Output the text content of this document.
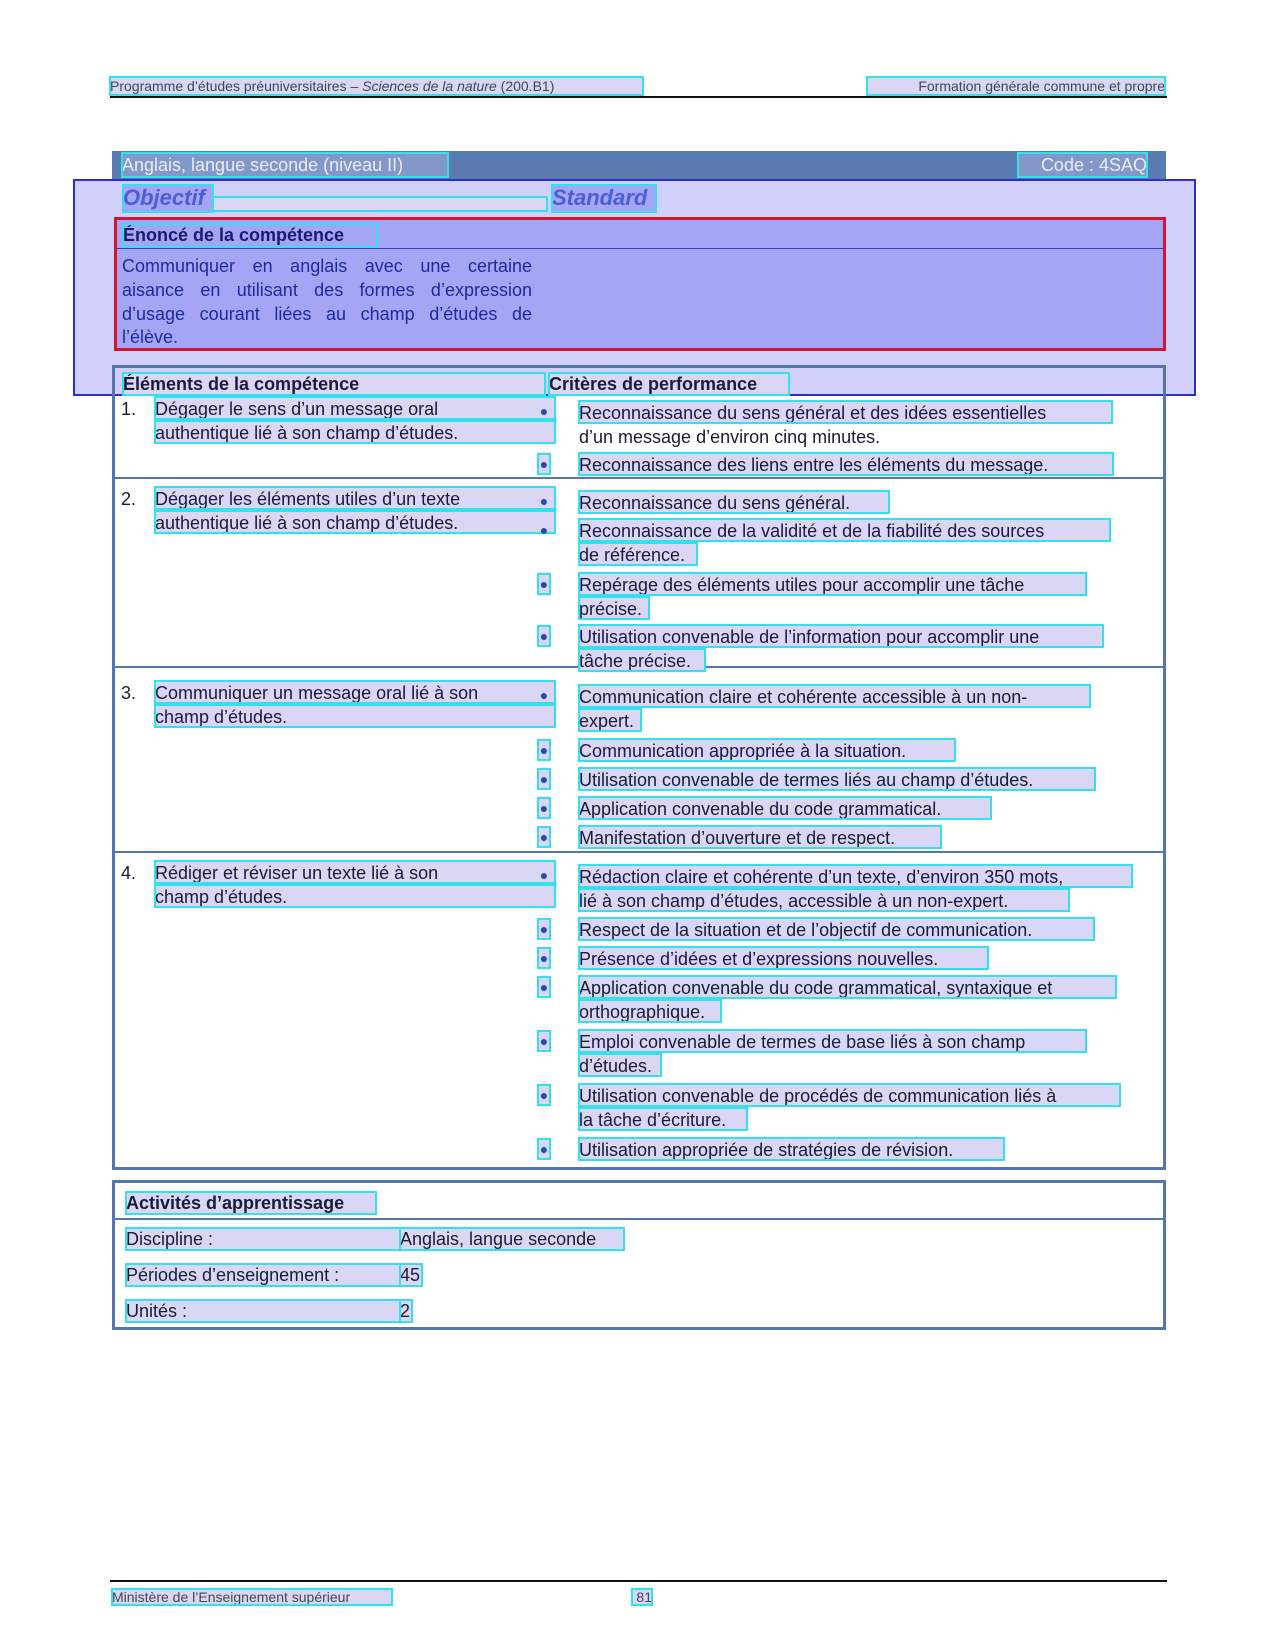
Programme d’études préuniversitaires – Sciences de la nature (200.B1)	Formation générale commune et propre
Anglais, langue seconde (niveau II)	Code : 4SAQ
Objectif	Standard
Énoncé de la compétence
Communiquer en anglais avec une certaine
aisance en utilisant des formes d’expression
d’usage courant liées au champ d’études de
l’élève.
Éléments de la compétence	Critères de performance
1. Dégager le sens d’un message oral
authentique lié à son champ d’études.
● Reconnaissance du sens général et des idées essentielles
d’un message d’environ cinq minutes.
● Reconnaissance des liens entre les éléments du message.
2. Dégager les éléments utiles d’un texte
authentique lié à son champ d’études.
● Reconnaissance du sens général.
● Reconnaissance de la validité et de la fiabilité des sources
de référence.
● Repérage des éléments utiles pour accomplir une tâche
précise.
● Utilisation convenable de l’information pour accomplir une
tâche précise.
3. Communiquer un message oral lié à son
champ d’études.
● Communication claire et cohérente accessible à un non-
expert.
● Communication appropriée à la situation.
● Utilisation convenable de termes liés au champ d’études.
● Application convenable du code grammatical.
● Manifestation d’ouverture et de respect.
4. Rédiger et réviser un texte lié à son
champ d’études.
● Rédaction claire et cohérente d’un texte, d’environ 350 mots,
lié à son champ d’études, accessible à un non-expert.
● Respect de la situation et de l’objectif de communication.
● Présence d’idées et d’expressions nouvelles.
● Application convenable du code grammatical, syntaxique et
orthographique.
● Emploi convenable de termes de base liés à son champ
d’études.
● Utilisation convenable de procédés de communication liés à
la tâche d’écriture.
● Utilisation appropriée de stratégies de révision.
Activités d’apprentissage
Discipline :	Anglais, langue seconde
Périodes d’enseignement :	45
Unités :	2
Ministère de l’Enseignement supérieur	81
